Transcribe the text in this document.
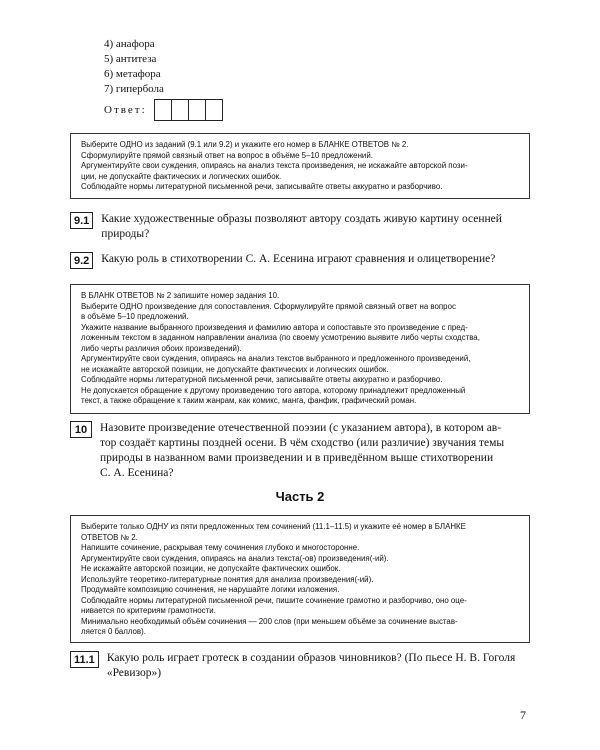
4) анафора
5) антитеза
6) метафора
7) гипербола
Ответ:
Выберите ОДНО из заданий (9.1 или 9.2) и укажите его номер в БЛАНКЕ ОТВЕТОВ № 2.
Сформулируйте прямой связный ответ на вопрос в объёме 5–10 предложений.
Аргументируйте свои суждения, опираясь на анализ текста произведения, не искажайте авторской пози-
ции, не допускайте фактических и логических ошибок.
Соблюдайте нормы литературной письменной речи, записывайте ответы аккуратно и разборчиво.
9.1	Какие художественные образы позволяют автору создать живую картину осенней
природы?
9.2	Какую роль в стихотворении С. А. Есенина играют сравнения и олицетворение?
В БЛАНК ОТВЕТОВ № 2 запишите номер задания 10.
Выберите ОДНО произведение для сопоставления. Сформулируйте прямой связный ответ на вопрос
в объёме 5–10 предложений.
Укажите название выбранного произведения и фамилию автора и сопоставьте это произведение с пред-
ложенным текстом в заданном направлении анализа (по своему усмотрению выявите либо черты сходства,
либо черты различия обоих произведений).
Аргументируйте свои суждения, опираясь на анализ текстов выбранного и предложенного произведений,
не искажайте авторской позиции, не допускайте фактических и логических ошибок.
Соблюдайте нормы литературной письменной речи, записывайте ответы аккуратно и разборчиво.
Не допускается обращение к другому произведению того автора, которому принадлежит предложенный
текст, а также обращение к таким жанрам, как комикс, манга, фанфик, графический роман.
10	Назовите произведение отечественной поэзии (с указанием автора), в котором ав-
тор создаёт картины поздней осени. В чём сходство (или различие) звучания темы
природы в названном вами произведении и в приведённом выше стихотворении
С. А. Есенина?
Часть 2
Выберите только ОДНУ из пяти предложенных тем сочинений (11.1–11.5) и укажите её номер в БЛАНКЕ
ОТВЕТОВ № 2.
Напишите сочинение, раскрывая тему сочинения глубоко и многосторонне.
Аргументируйте свои суждения, опираясь на анализ текста(-ов) произведения(-ий).
Не искажайте авторской позиции, не допускайте фактических ошибок.
Используйте теоретико-литературные понятия для анализа произведения(-ий).
Продумайте композицию сочинения, не нарушайте логики изложения.
Соблюдайте нормы литературной письменной речи, пишите сочинение грамотно и разборчиво, оно оце-
нивается по критериям грамотности.
Минимально необходимый объём сочинения — 200 слов (при меньшем объёме за сочинение выстав-
ляется 0 баллов).
11.1	Какую роль играет гротеск в создании образов чиновников? (По пьесе Н. В. Гоголя
«Ревизор»)
7
